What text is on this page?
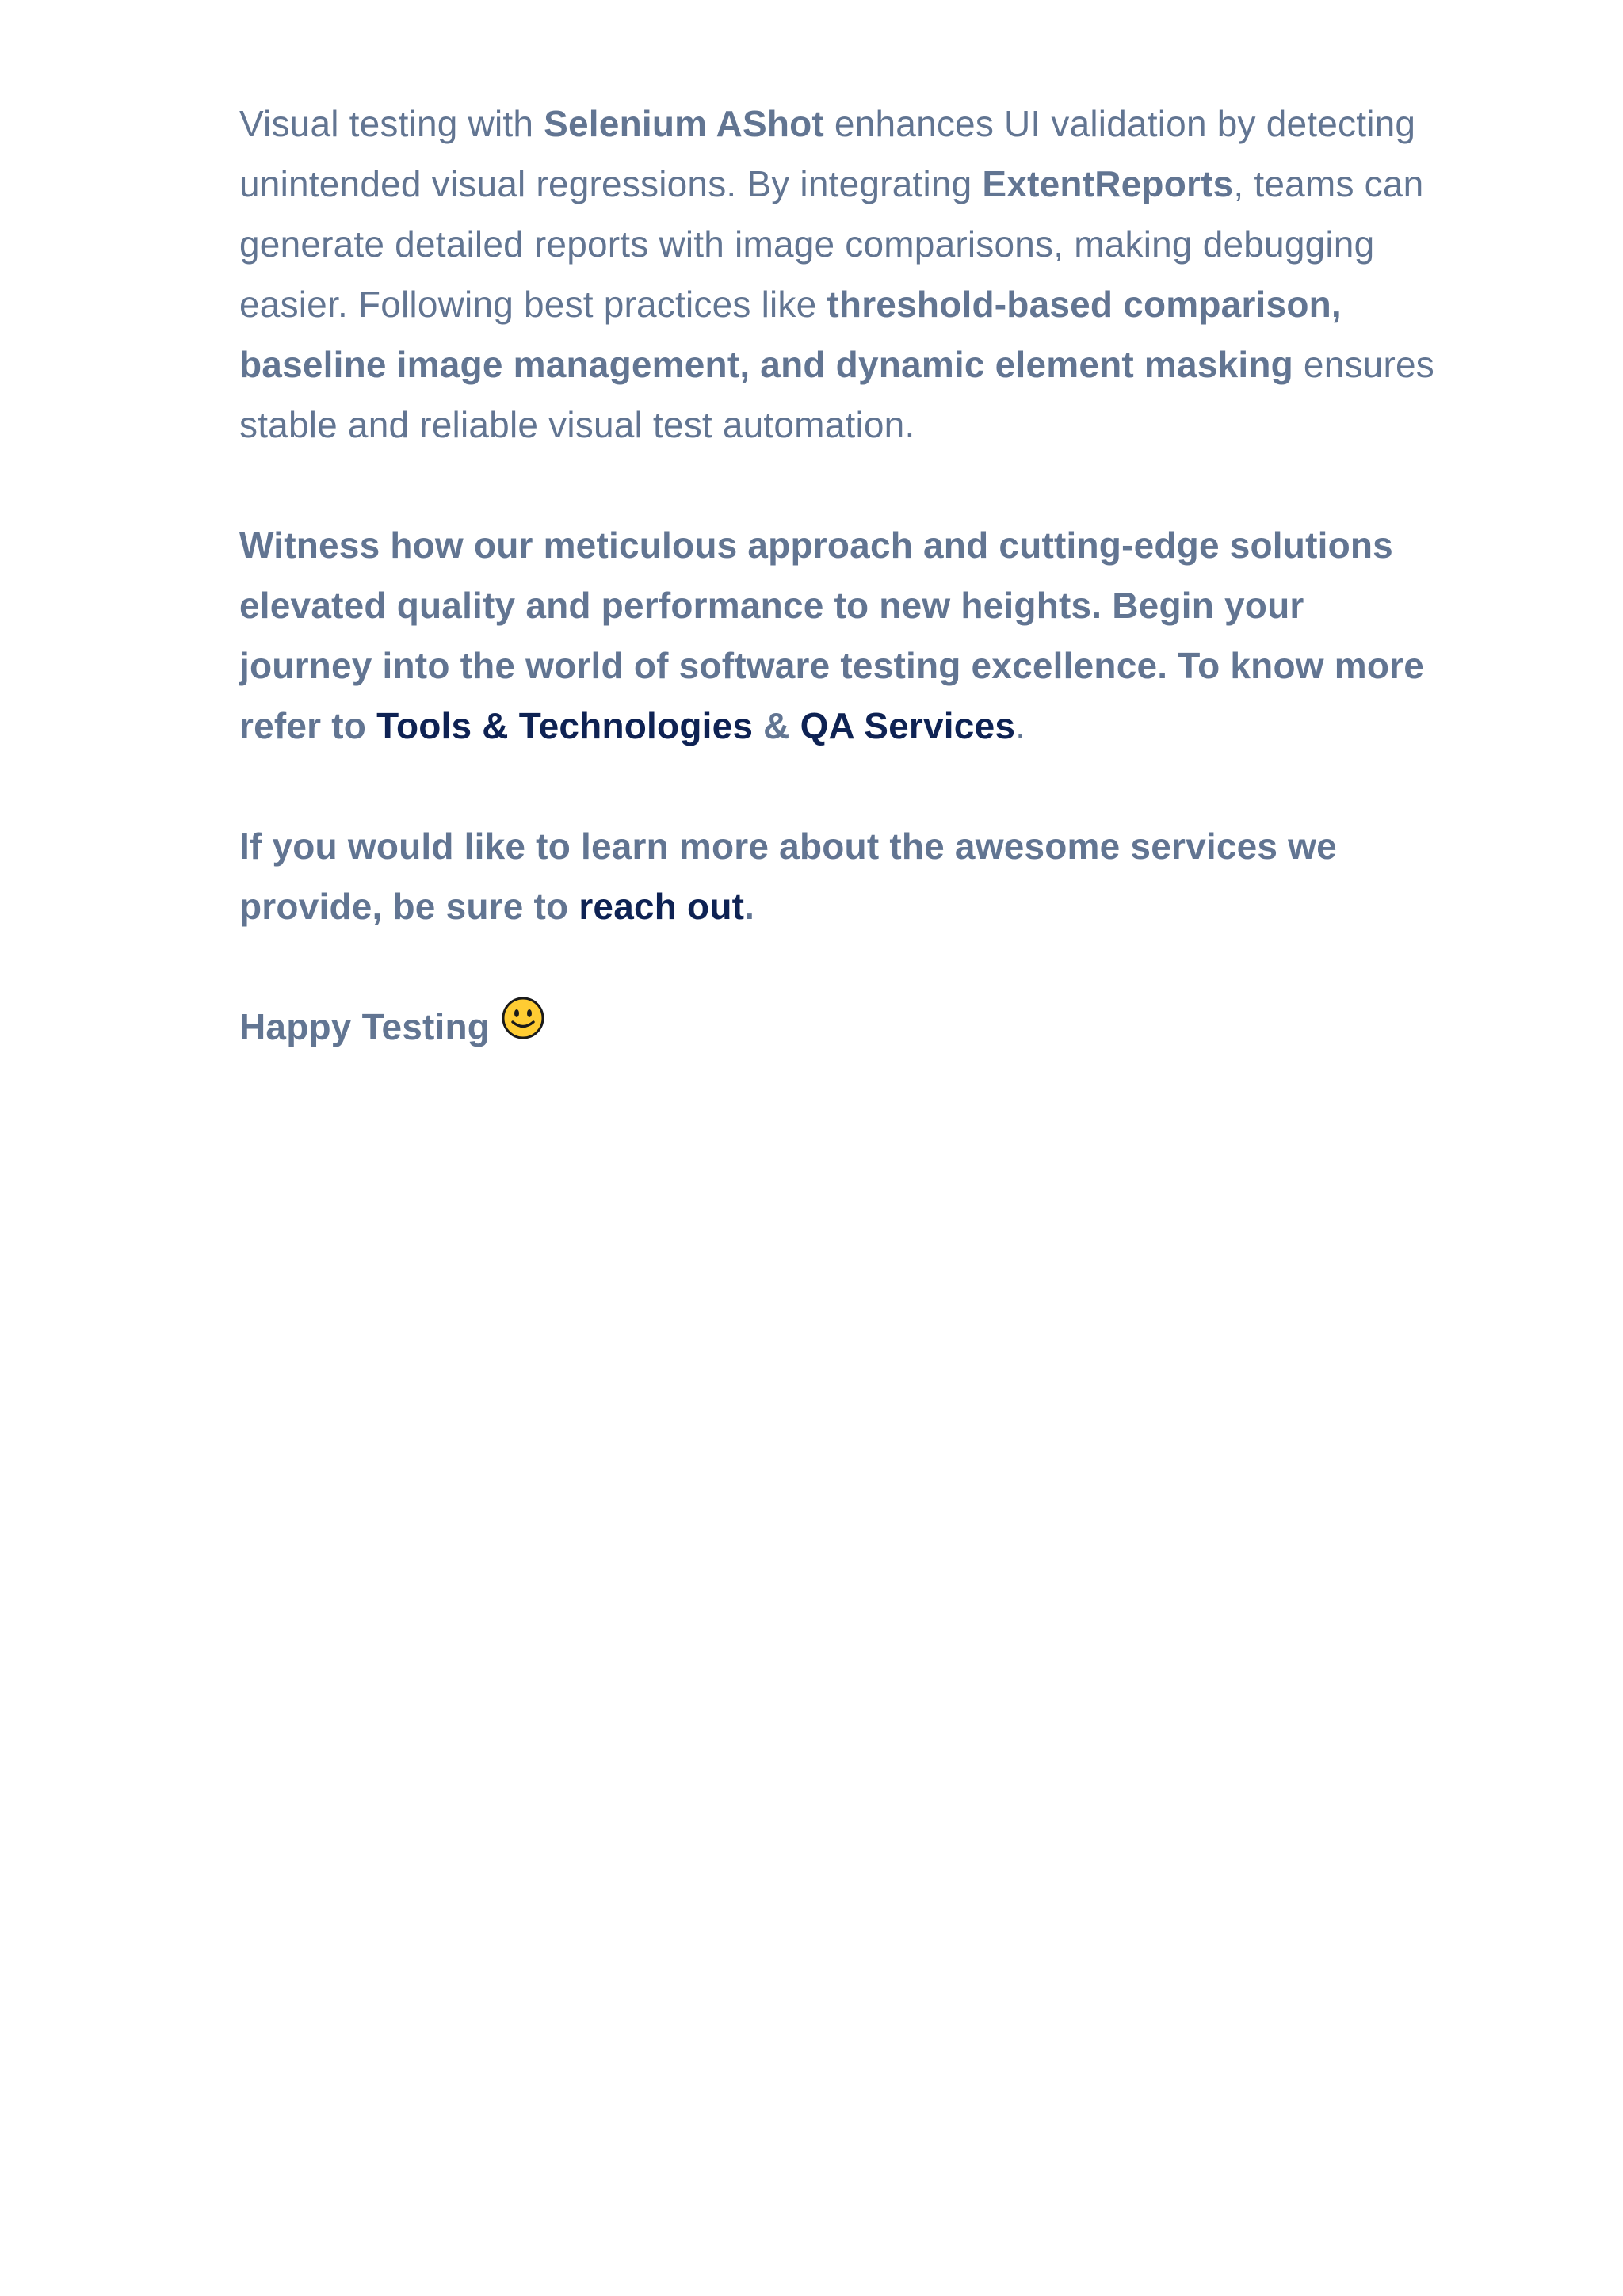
Visual testing with Selenium AShot enhances UI validation by detecting unintended visual regressions. By integrating ExtentReports, teams can generate detailed reports with image comparisons, making debugging easier. Following best practices like threshold-based comparison, baseline image management, and dynamic element masking ensures stable and reliable visual test automation.

Witness how our meticulous approach and cutting-edge solutions elevated quality and performance to new heights. Begin your journey into the world of software testing excellence. To know more refer to Tools & Technologies & QA Services.

If you would like to learn more about the awesome services we provide, be sure to reach out.

Happy Testing
